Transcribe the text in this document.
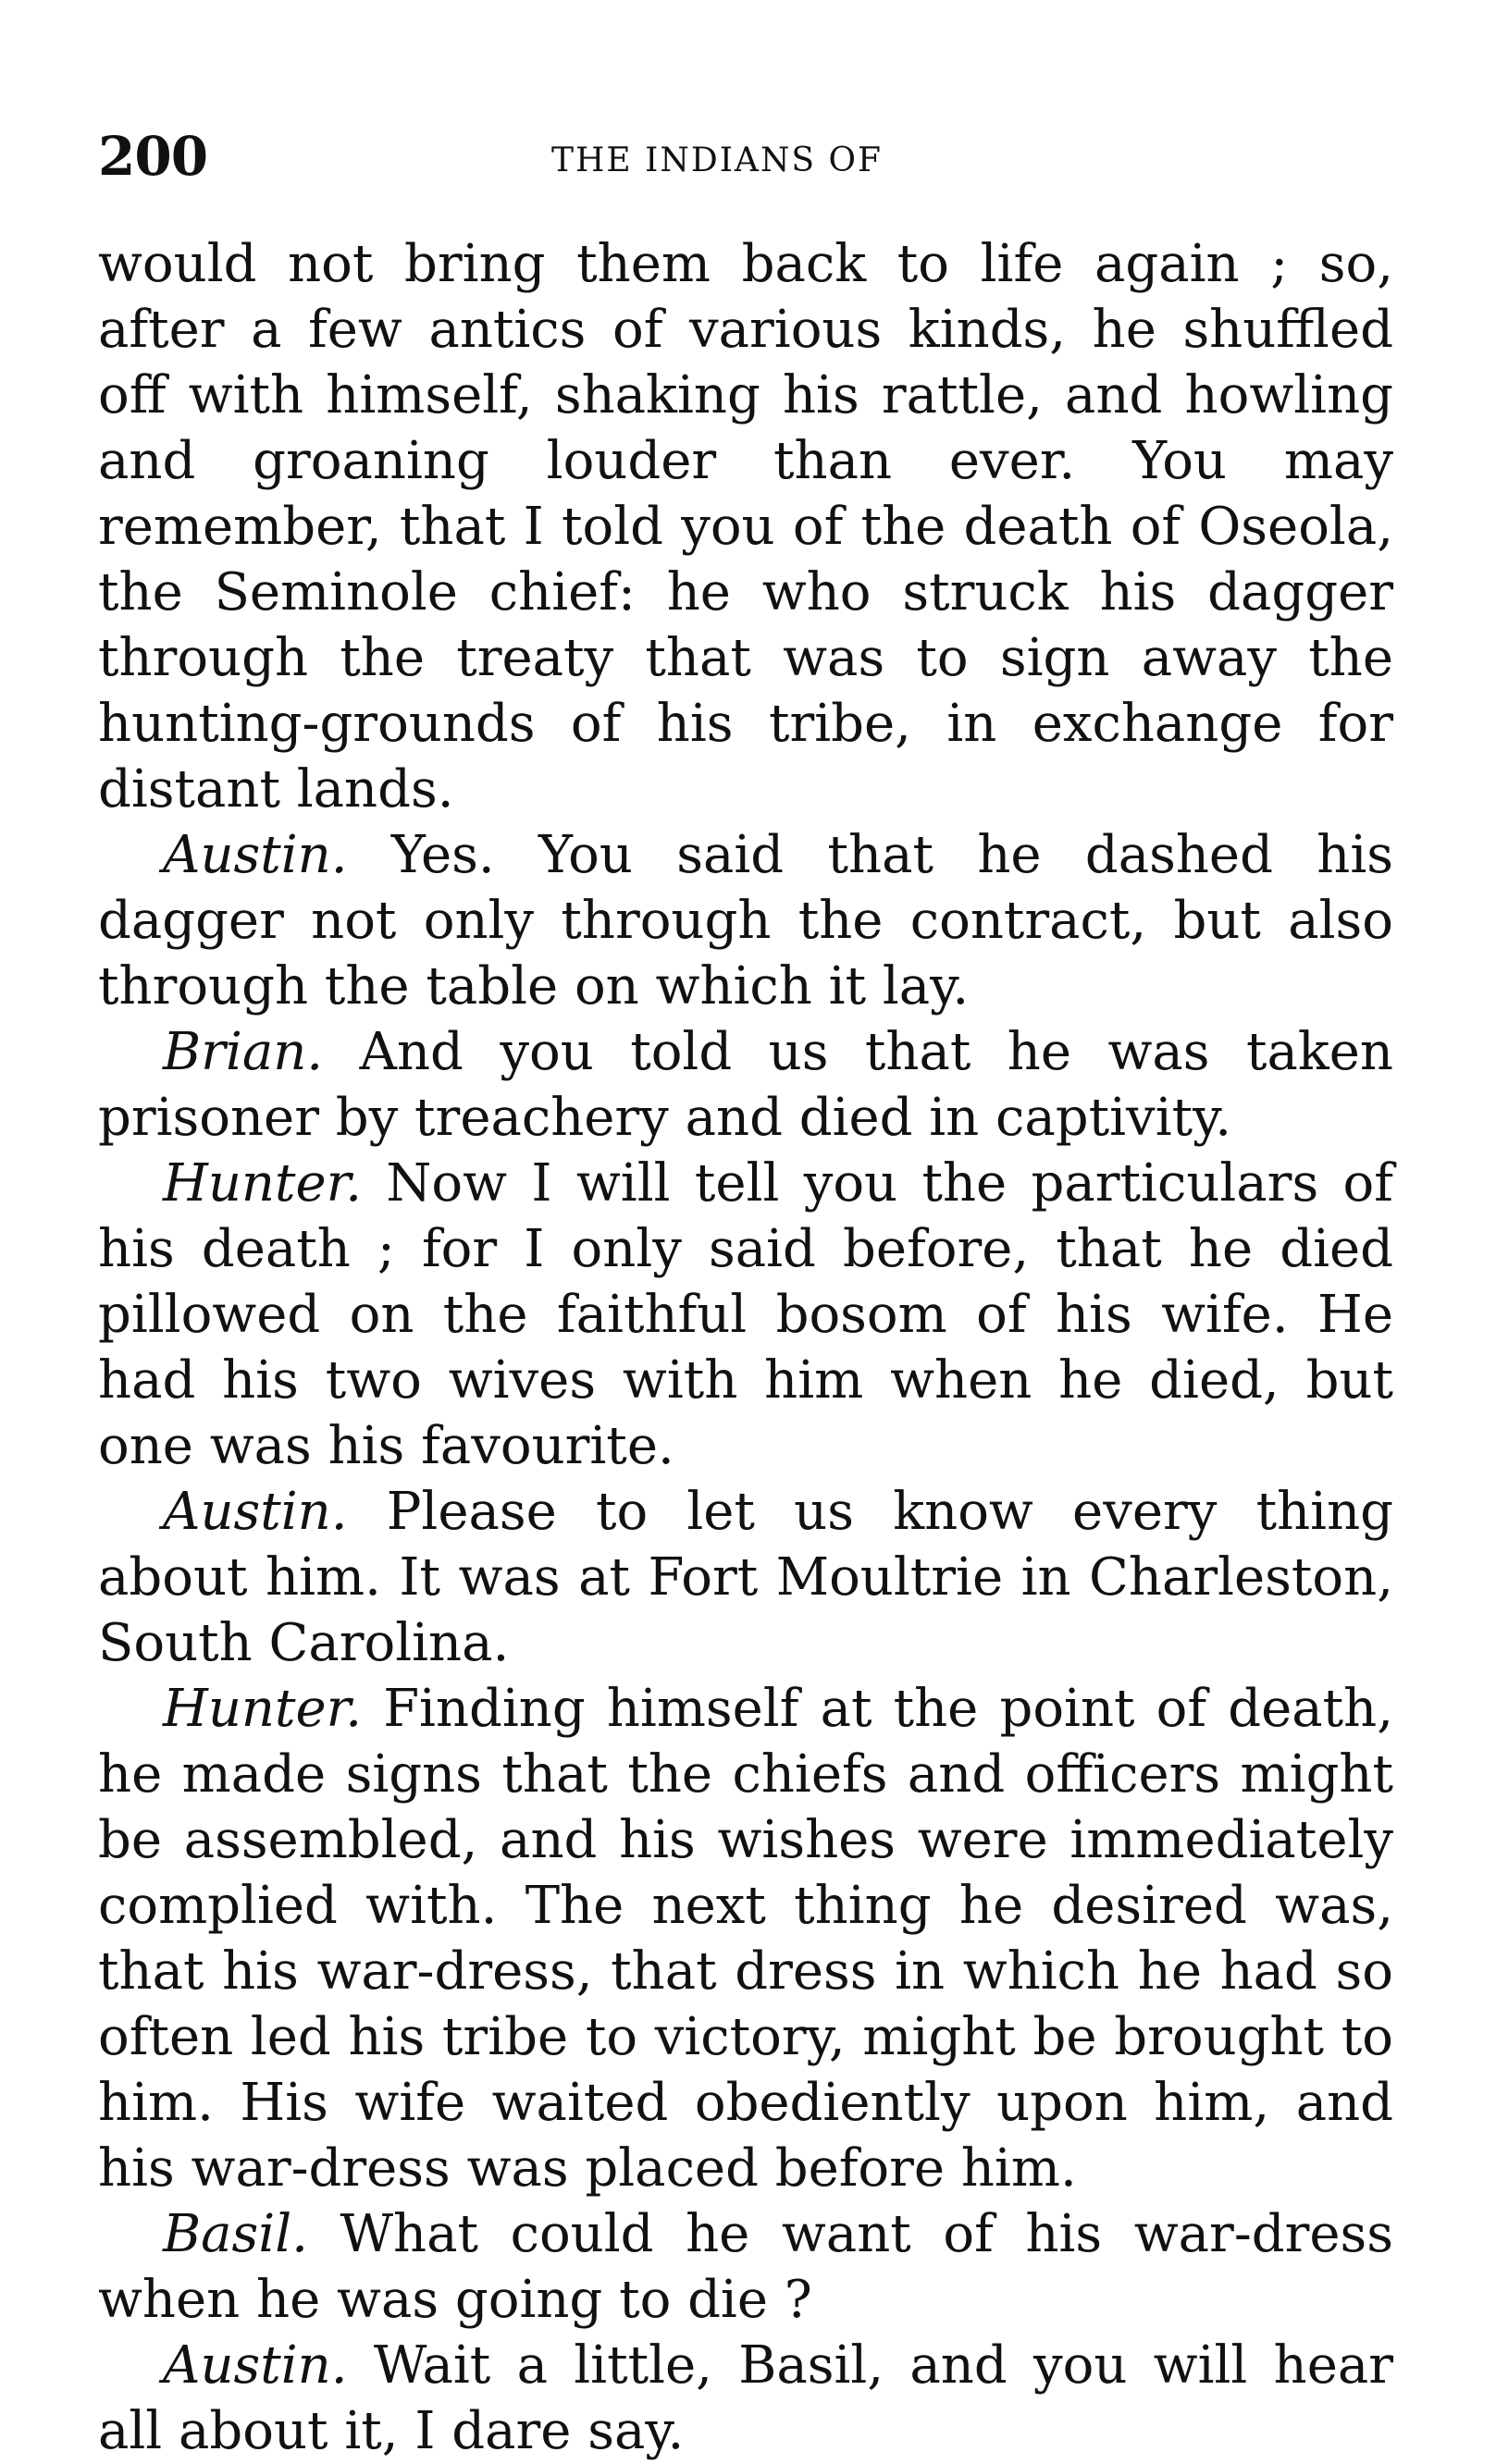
200	THE INDIANS OF

would not bring them back to life again ; so, after a few antics of various kinds, he shuffled off with himself, shaking his rattle, and howling and groaning louder than ever. You may remember, that I told you of the death of Oseola, the Seminole chief: he who struck his dagger through the treaty that was to sign away the hunting-grounds of his tribe, in exchange for distant lands.

Austin. Yes. You said that he dashed his dagger not only through the contract, but also through the table on which it lay.

Brian. And you told us that he was taken prisoner by treachery and died in captivity.

Hunter. Now I will tell you the particulars of his death ; for I only said before, that he died pillowed on the faithful bosom of his wife. He had his two wives with him when he died, but one was his favourite.

Austin. Please to let us know every thing about him. It was at Fort Moultrie in Charleston, South Carolina.

Hunter. Finding himself at the point of death, he made signs that the chiefs and officers might be assembled, and his wishes were immediately complied with. The next thing he desired was, that his war-dress, that dress in which he had so often led his tribe to victory, might be brought to him. His wife waited obediently upon him, and his war-dress was placed before him.

Basil. What could he want of his war-dress when he was going to die ?

Austin. Wait a little, Basil, and you will hear all about it, I dare say.
